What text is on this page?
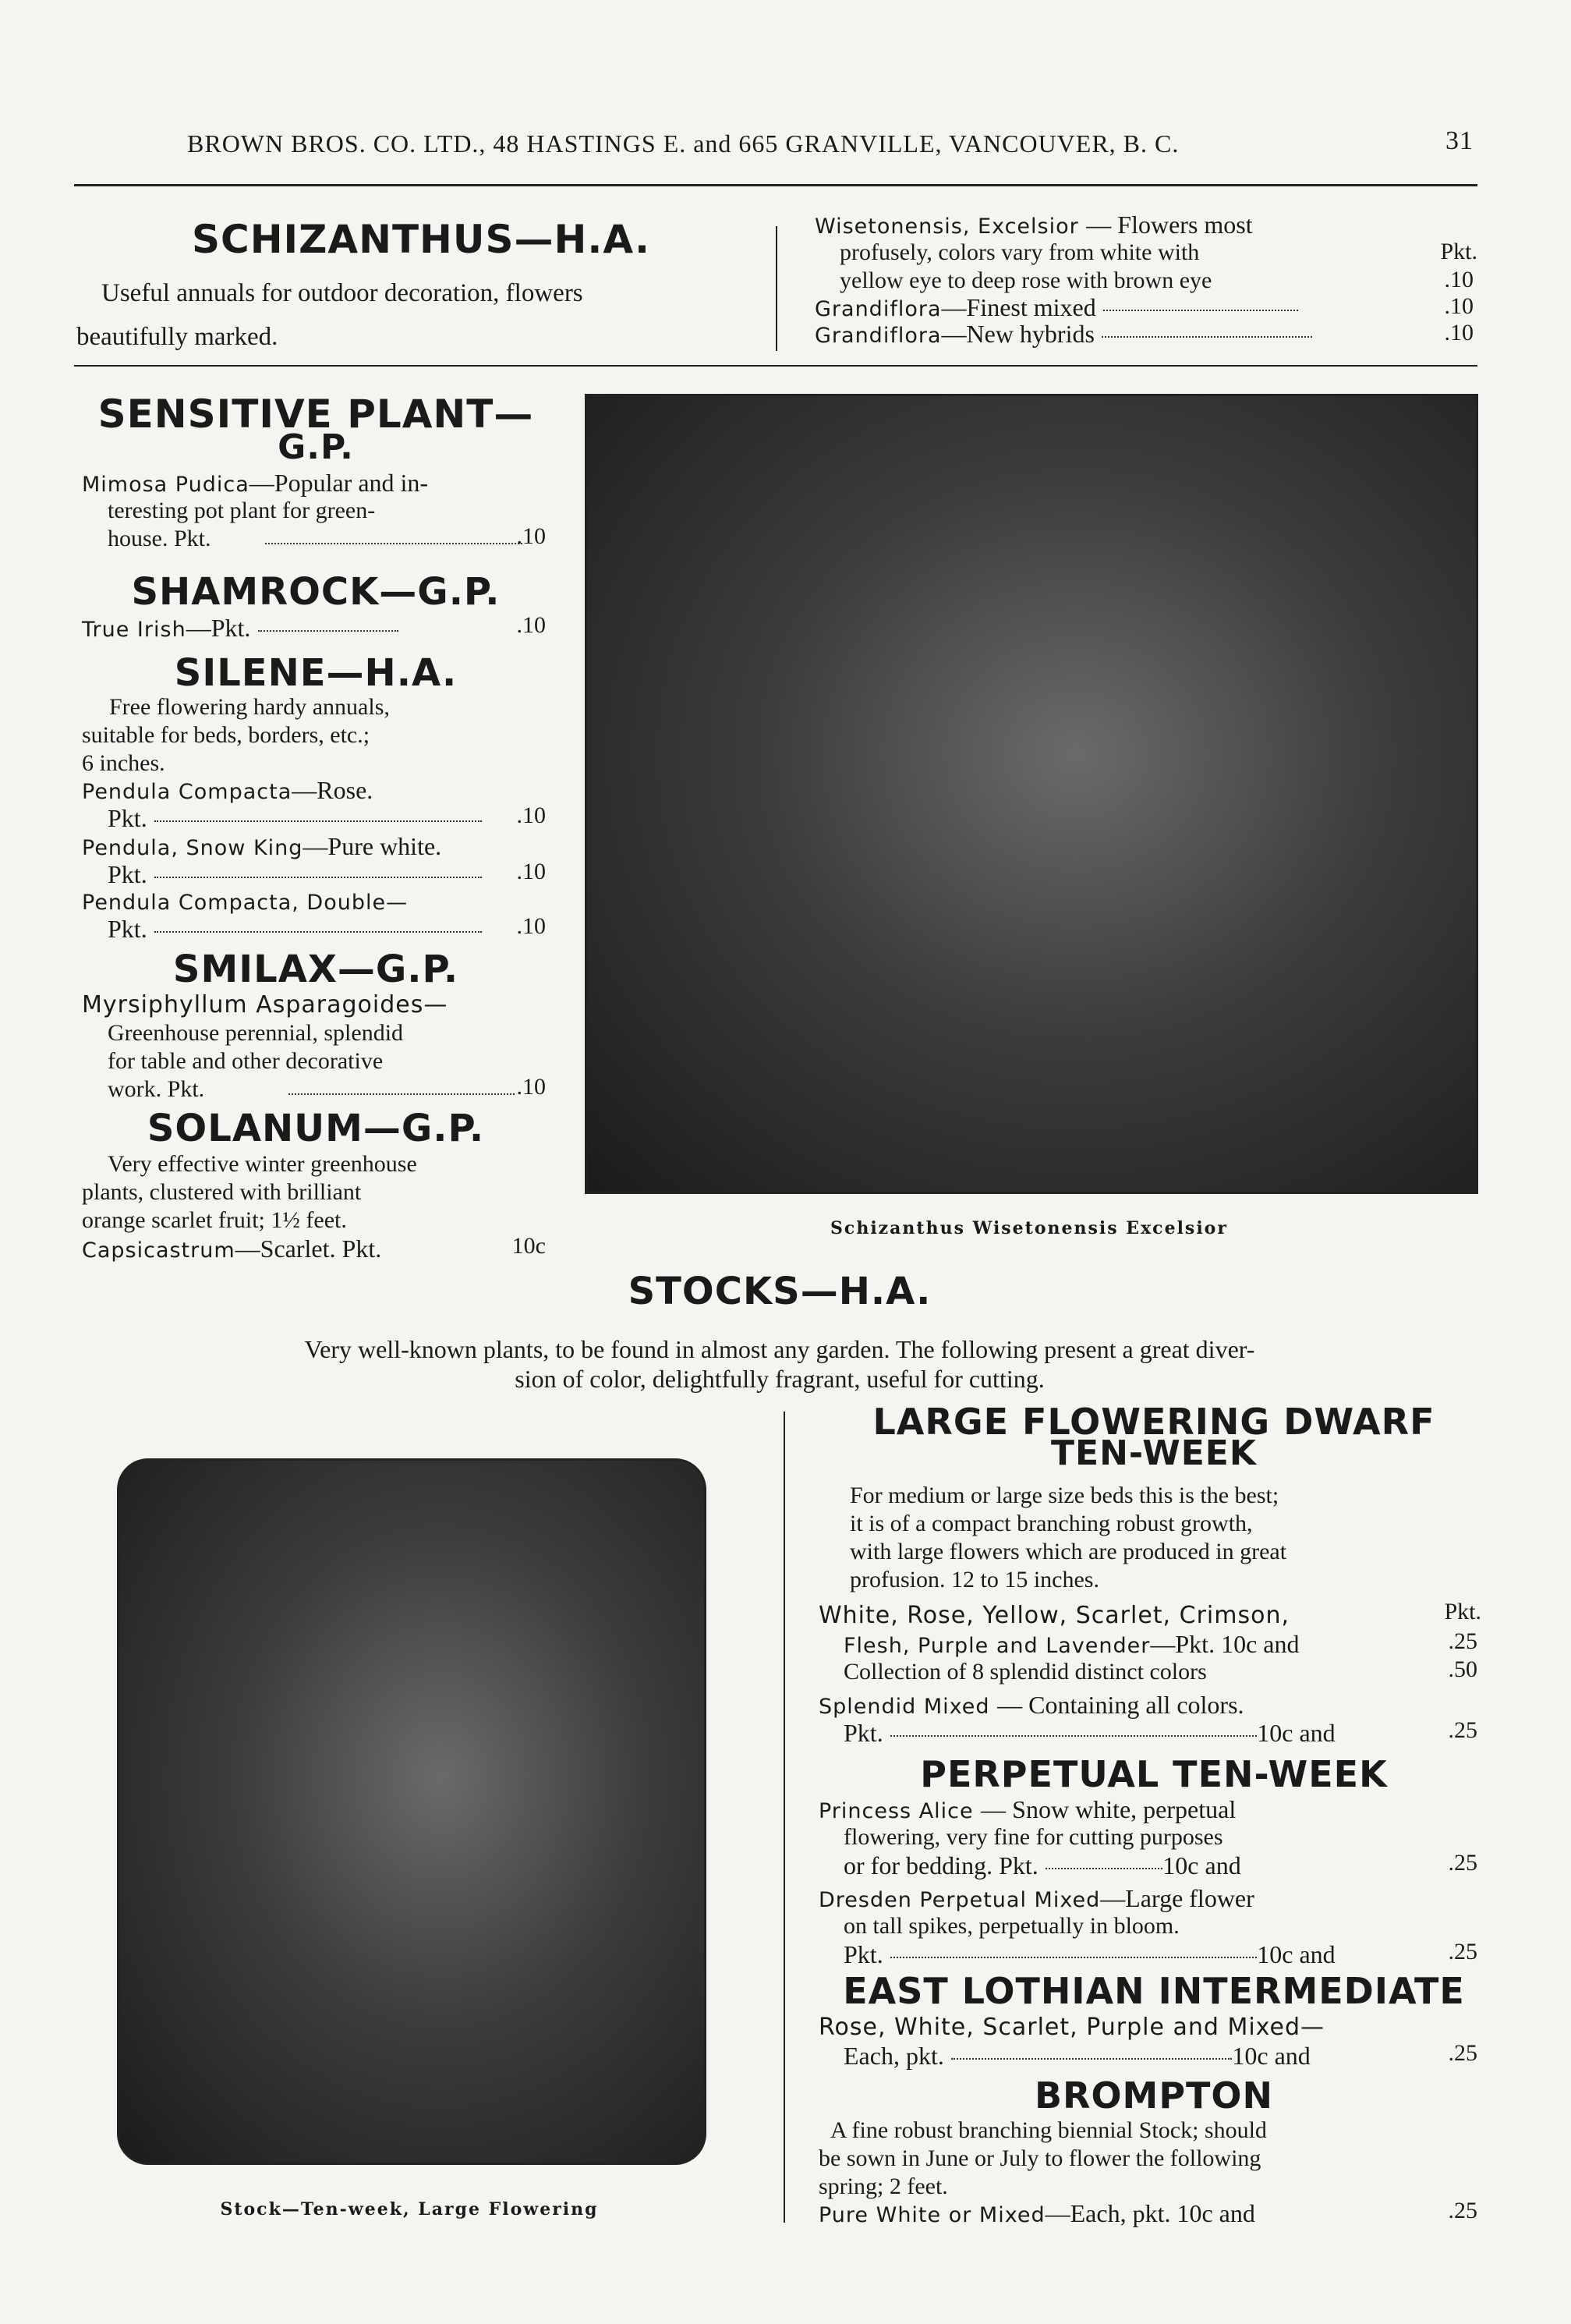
BROWN BROS. CO. LTD., 48 HASTINGS E. and 665 GRANVILLE, VANCOUVER, B. C.	31
SCHIZANTHUS—H.A.
Useful annuals for outdoor decoration, flowers
beautifully marked.
Wisetonensis, Excelsior — Flowers most
profusely, colors vary from white with	Pkt.
yellow eye to deep rose with brown eye	.10
Grandiflora—Finest mixed	.10
Grandiflora—New hybrids	.10
SENSITIVE PLANT—
G.P.
Mimosa Pudica—Popular and in-
teresting pot plant for green-
house. Pkt.	.10
SHAMROCK—G.P.
True Irish—Pkt.	.10
SILENE—H.A.
Free flowering hardy annuals,
suitable for beds, borders, etc.;
6 inches.
Pendula Compacta—Rose.
Pkt.	.10
Pendula, Snow King—Pure white.
Pkt.	.10
Pendula Compacta, Double—
Pkt.	.10
SMILAX—G.P.
Myrsiphyllum Asparagoides—
Greenhouse perennial, splendid
for table and other decorative
work. Pkt.	.10
SOLANUM—G.P.
Very effective winter greenhouse
plants, clustered with brilliant
orange scarlet fruit; 1½ feet.
Capsicastrum—Scarlet. Pkt.	10c
Schizanthus Wisetonensis Excelsior
STOCKS—H.A.
Very well-known plants, to be found in almost any garden. The following present a great diver-
sion of color, delightfully fragrant, useful for cutting.
Stock—Ten-week, Large Flowering
LARGE FLOWERING DWARF
TEN-WEEK
For medium or large size beds this is the best;
it is of a compact branching robust growth,
with large flowers which are produced in great
profusion. 12 to 15 inches.
White, Rose, Yellow, Scarlet, Crimson,	Pkt.
Flesh, Purple and Lavender—Pkt. 10c and	.25
Collection of 8 splendid distinct colors	.50
Splendid Mixed — Containing all colors.
Pkt.	10c and	.25
PERPETUAL TEN-WEEK
Princess Alice — Snow white, perpetual
flowering, very fine for cutting purposes
or for bedding. Pkt.	10c and	.25
Dresden Perpetual Mixed—Large flower
on tall spikes, perpetually in bloom.
Pkt.	10c and	.25
EAST LOTHIAN INTERMEDIATE
Rose, White, Scarlet, Purple and Mixed—
Each, pkt.	10c and	.25
BROMPTON
A fine robust branching biennial Stock; should
be sown in June or July to flower the following
spring; 2 feet.
Pure White or Mixed—Each, pkt. 10c and	.25
